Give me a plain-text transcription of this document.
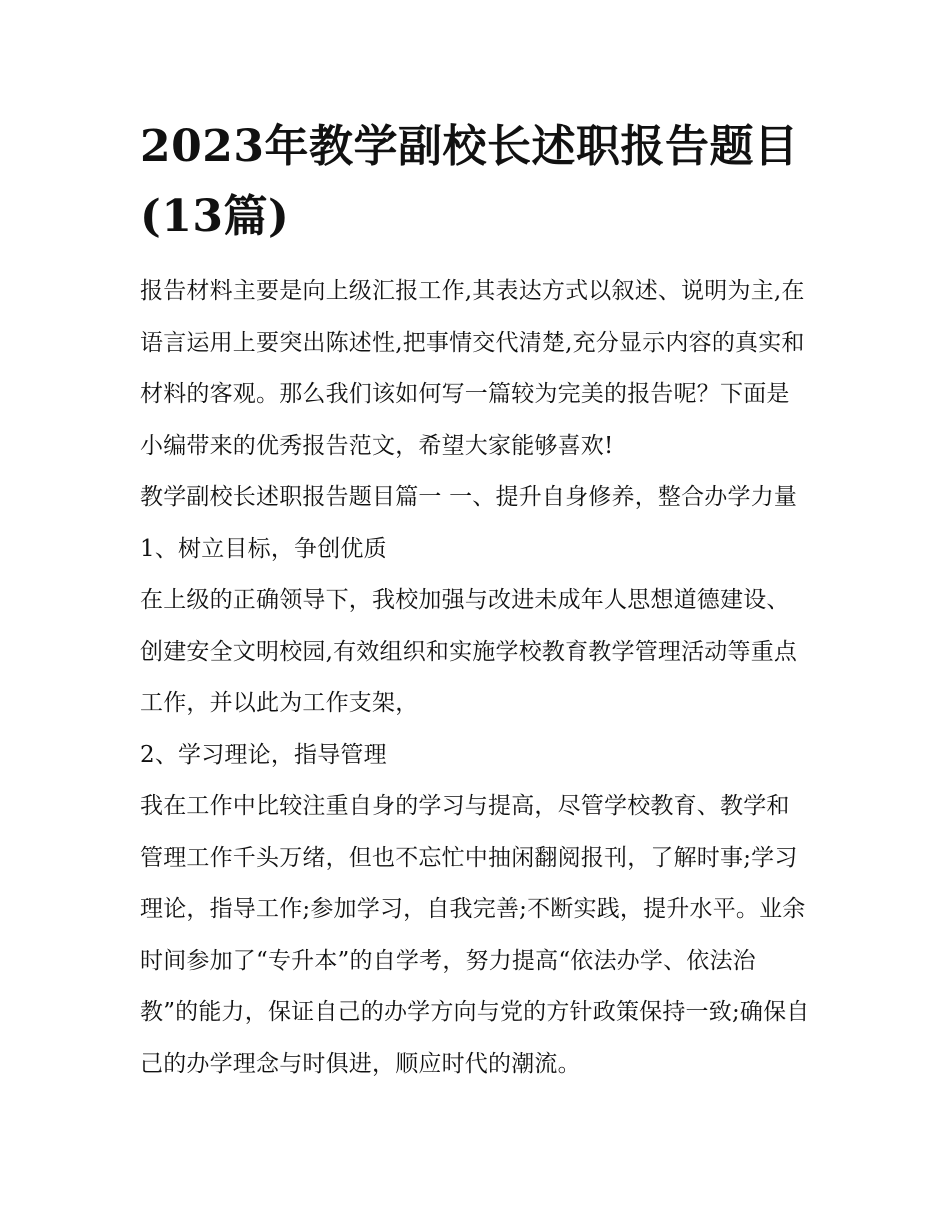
2023年教学副校长述职报告题目(13篇)

报告材料主要是向上级汇报工作,其表达方式以叙述、说明为主,在语言运用上要突出陈述性,把事情交代清楚,充分显示内容的真实和材料的客观。那么我们该如何写一篇较为完美的报告呢？下面是小编带来的优秀报告范文，希望大家能够喜欢!

教学副校长述职报告题目篇一 一、提升自身修养，整合办学力量 1、树立目标，争创优质

在上级的正确领导下，我校加强与改进未成年人思想道德建设、创建安全文明校园,有效组织和实施学校教育教学管理活动等重点工作，并以此为工作支架，

2、学习理论，指导管理

我在工作中比较注重自身的学习与提高，尽管学校教育、教学和管理工作千头万绪，但也不忘忙中抽闲翻阅报刊，了解时事;学习理论，指导工作;参加学习，自我完善;不断实践，提升水平。业余时间参加了“专升本”的自学考，努力提高“依法办学、依法治教”的能力，保证自己的办学方向与党的方针政策保持一致;确保自己的办学理念与时俱进，顺应时代的潮流。
